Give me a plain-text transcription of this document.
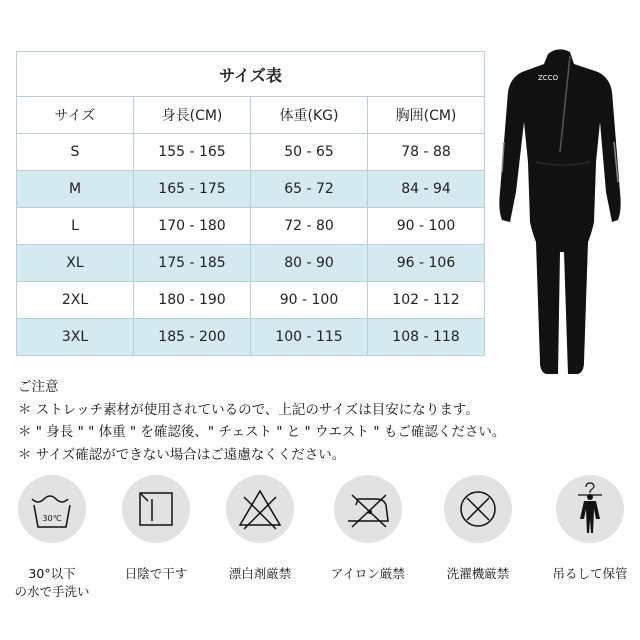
サイズ表			
サイズ	身長(CM)	体重(KG)	胸囲(CM)
S	155 - 165	50 - 65	78 - 88
M	165 - 175	65 - 72	84 - 94
L	170 - 180	72 - 80	90 - 100
XL	175 - 185	80 - 90	96 - 106
2XL	180 - 190	90 - 100	102 - 112
3XL	185 - 200	100 - 115	108 - 118
ZCCO
ご注意
＊ ストレッチ素材が使用されているので、上記のサイズは目安になります。
＊ " 身長 " " 体重 " を確認後、" チェスト " と " ウエスト " もご確認ください。
＊ サイズ確認ができない場合はご遠慮なくください。
30℃
30°以下
の水で手洗い
日陰で干す	漂白剤厳禁	アイロン厳禁	洗濯機厳禁	吊るして保管
